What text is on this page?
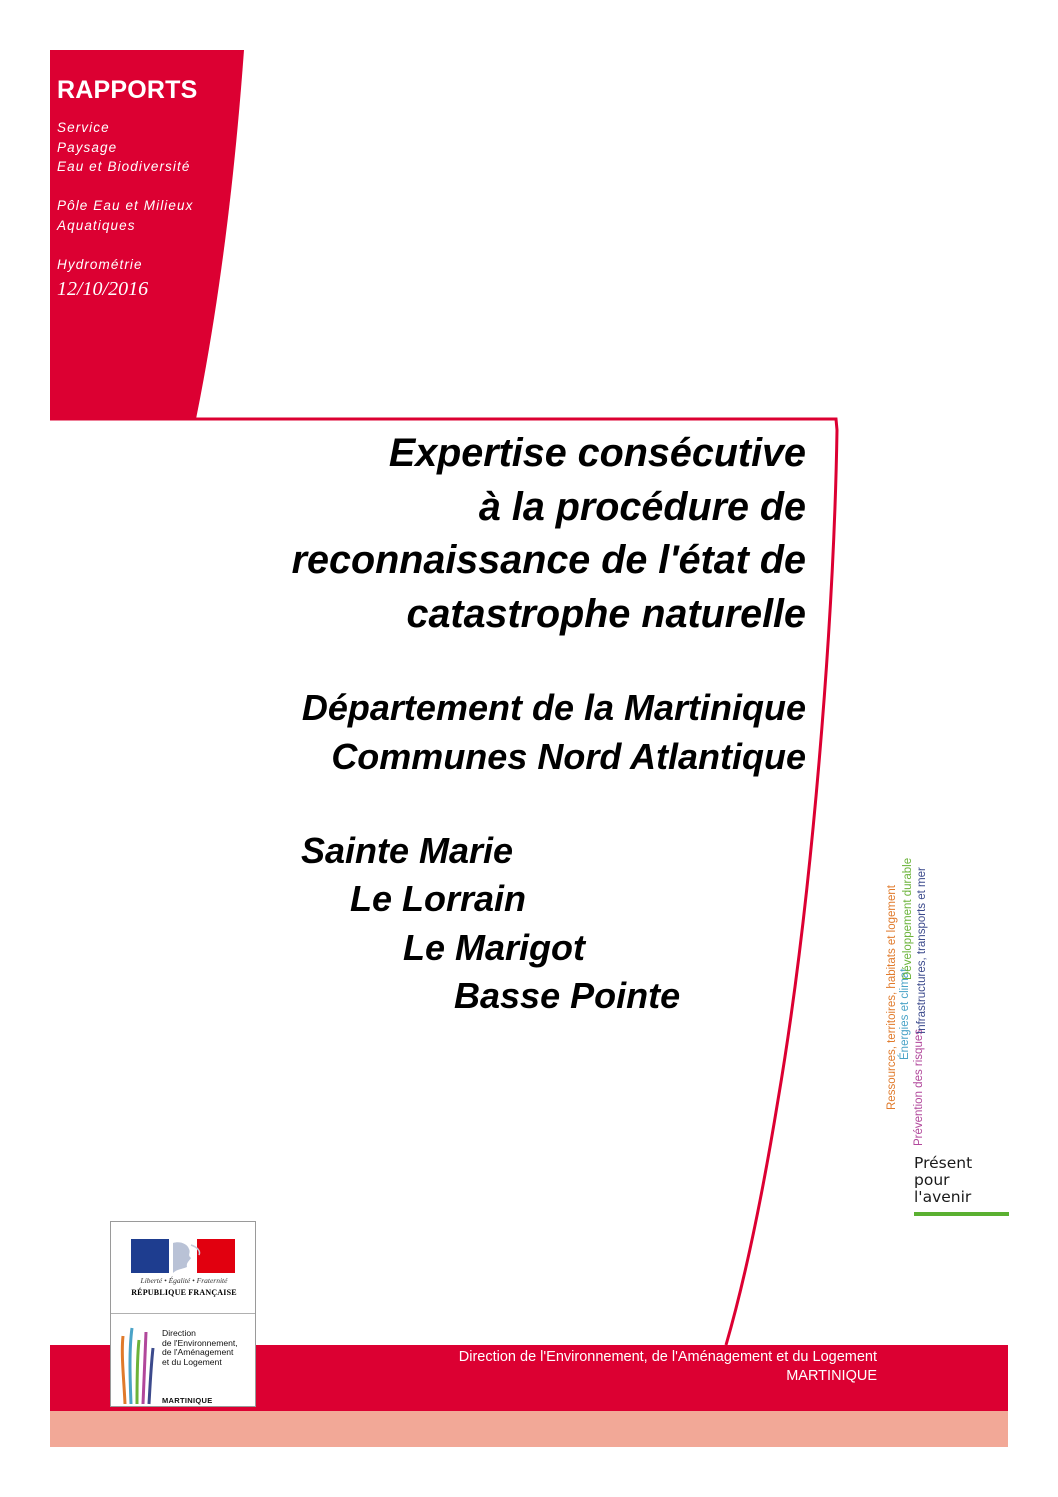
RAPPORTS
Service
Paysage
Eau et Biodiversité
Pôle Eau et Milieux
Aquatiques
Hydrométrie
12/10/2016
Expertise consécutive
à la procédure de
reconnaissance de l'état de
catastrophe naturelle
Département de la Martinique
Communes Nord Atlantique
Sainte Marie
Le Lorrain
Le Marigot
Basse Pointe	Ressources, territoires, habitats et logement Énergies et climat
Développement durable
Prévention des risques
Infrastructures, transports et mer
Présent
pour
l'avenir
Direction de l'Environnement, de l'Aménagement et du Logement
MARTINIQUE
Liberté • Égalité • Fraternité
RÉPUBLIQUE FRANÇAISE
Direction
de l'Environnement,
de l'Aménagement
et du Logement
MARTINIQUE
